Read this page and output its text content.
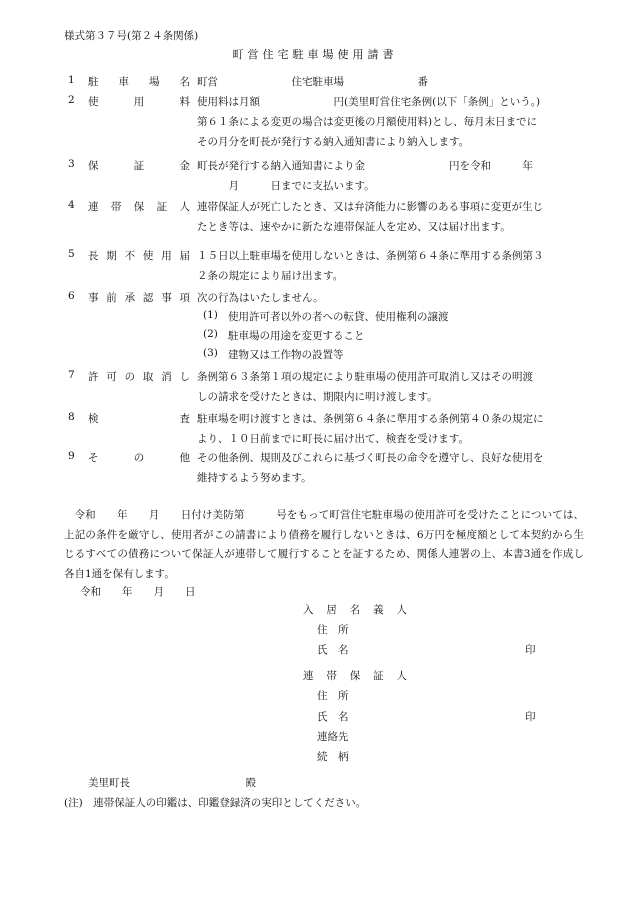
様式第３７号(第２４条関係)
町営住宅駐車場使用請書
1 駐車場名 町営　　　　　　　住宅駐車場　　　　　　　番
2 使用料 使用料は月額　　　　　　　円(美里町営住宅条例(以下「条例」という。)
第６１条による変更の場合は変更後の月額使用料)とし、毎月末日までに
その月分を町長が発行する納入通知書により納入します。
3 保証金 町長が発行する納入通知書により金　　　　　　　　円を令和　　　年
　　　月　　　日までに支払います。
4 連帯保証人 連帯保証人が死亡したとき、又は弁済能力に影響のある事項に変更が生じ
たとき等は、速やかに新たな連帯保証人を定め、又は届け出ます。
5 長期不使用届 １５日以上駐車場を使用しないときは、条例第６４条に準用する条例第３
２条の規定により届け出ます。
6 事前承認事項 次の行為はいたしません。
(1) 使用許可者以外の者への転貸、使用権利の譲渡
(2) 駐車場の用途を変更すること
(3) 建物又は工作物の設置等
7 許可の取消し 条例第６３条第１項の規定により駐車場の使用許可取消し又はその明渡
しの請求を受けたときは、期限内に明け渡します。
8 検査 駐車場を明け渡すときは、条例第６４条に準用する条例第４０条の規定に
より、１０日前までに町長に届け出て、検査を受けます。
9 その他 その他条例、規則及びこれらに基づく町長の命令を遵守し、良好な使用を
維持するよう努めます。
令和　　年　　月　　日付け美防第　　　号をもって町営住宅駐車場の使用許可を受けたことについては、上記の条件を厳守し、使用者がこの請書により債務を履行しないときは、6万円を極度額として本契約から生じるすべての債務について保証人が連帯して履行することを証するため、関係人連署の上、本書3通を作成し各自1通を保有します。
令和　　年　　月　　日
入居名義人
住　所
氏　名	印
連帯保証人
住　所
氏　名	印
連絡先
続　柄
美里町長　　　　　　　　　　　殿
(注)　連帯保証人の印鑑は、印鑑登録済の実印としてください。
